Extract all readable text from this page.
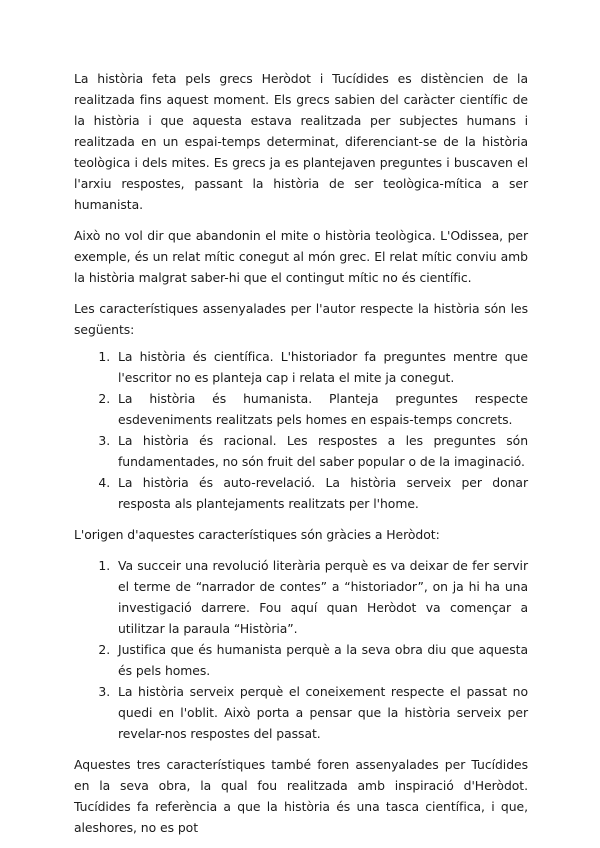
La història feta pels grecs Heròdot i Tucídides es distèncien de la realitzada fins aquest moment. Els grecs sabien del caràcter científic de la història i que aquesta estava realitzada per subjectes humans i realitzada en un espai-temps determinat, diferenciant-se de la història teològica i dels mites. Es grecs ja es plantejaven preguntes i buscaven el l'arxiu respostes, passant la història de ser teològica-mítica a ser humanista.

Això no vol dir que abandonin el mite o història teològica. L'Odissea, per exemple, és un relat mític conegut al món grec. El relat mític conviu amb la història malgrat saber-hi que el contingut mític no és científic.

Les característiques assenyalades per l'autor respecte la història són les següents:

1. La història és científica. L'historiador fa preguntes mentre que l'escritor no es planteja cap i relata el mite ja conegut.
2. La història és humanista. Planteja preguntes respecte esdeveniments realitzats pels homes en espais-temps concrets.
3. La història és racional. Les respostes a les preguntes són fundamentades, no són fruit del saber popular o de la imaginació.
4. La història és auto-revelació. La història serveix per donar resposta als plantejaments realitzats per l'home.

L'origen d'aquestes característiques són gràcies a Heròdot:

1. Va succeir una revolució literària perquè es va deixar de fer servir el terme de “narrador de contes” a “historiador”, on ja hi ha una investigació darrere. Fou aquí quan Heròdot va començar a utilitzar la paraula “Història”.
2. Justifica que és humanista perquè a la seva obra diu que aquesta és pels homes.
3. La història serveix perquè el coneixement respecte el passat no quedi en l'oblit. Això porta a pensar que la història serveix per revelar-nos respostes del passat.

Aquestes tres característiques també foren assenyalades per Tucídides en la seva obra, la qual fou realitzada amb inspiració d'Heròdot. Tucídides fa referència a que la història és una tasca científica, i que, aleshores, no es pot
